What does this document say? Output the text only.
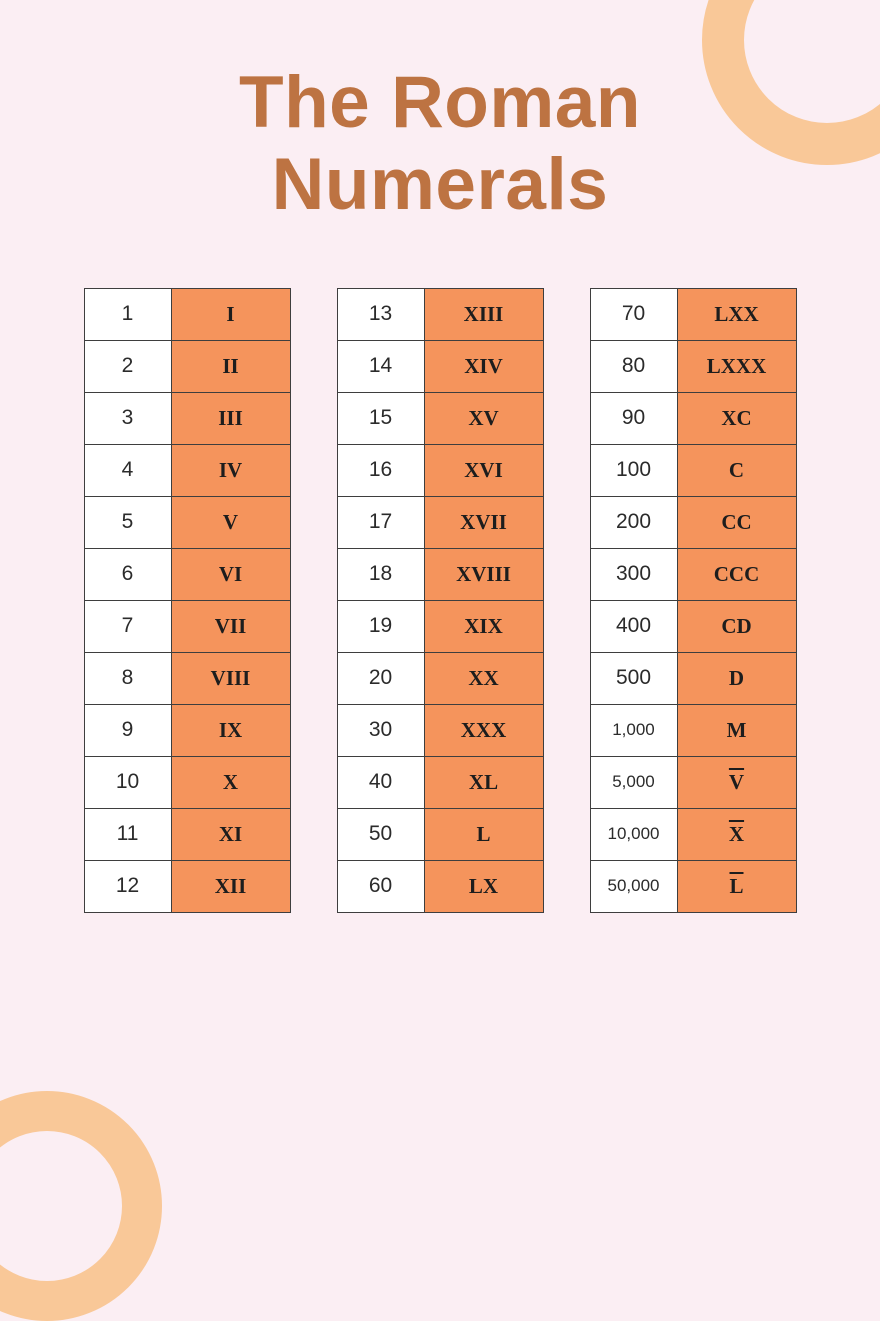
The Roman
Numerals
1	I
2	II
3	III
4	IV
5	V
6	VI
7	VII
8	VIII
9	IX
10	X
11	XI
12	XII
13	XIII
14	XIV
15	XV
16	XVI
17	XVII
18	XVIII
19	XIX
20	XX
30	XXX
40	XL
50	L
60	LX
70	LXX
80	LXXX
90	XC
100	C
200	CC
300	CCC
400	CD
500	D
1,000	M
5,000	$\overline{V}$
10,000	$\overline{X}$
50,000	$\overline{L}$
